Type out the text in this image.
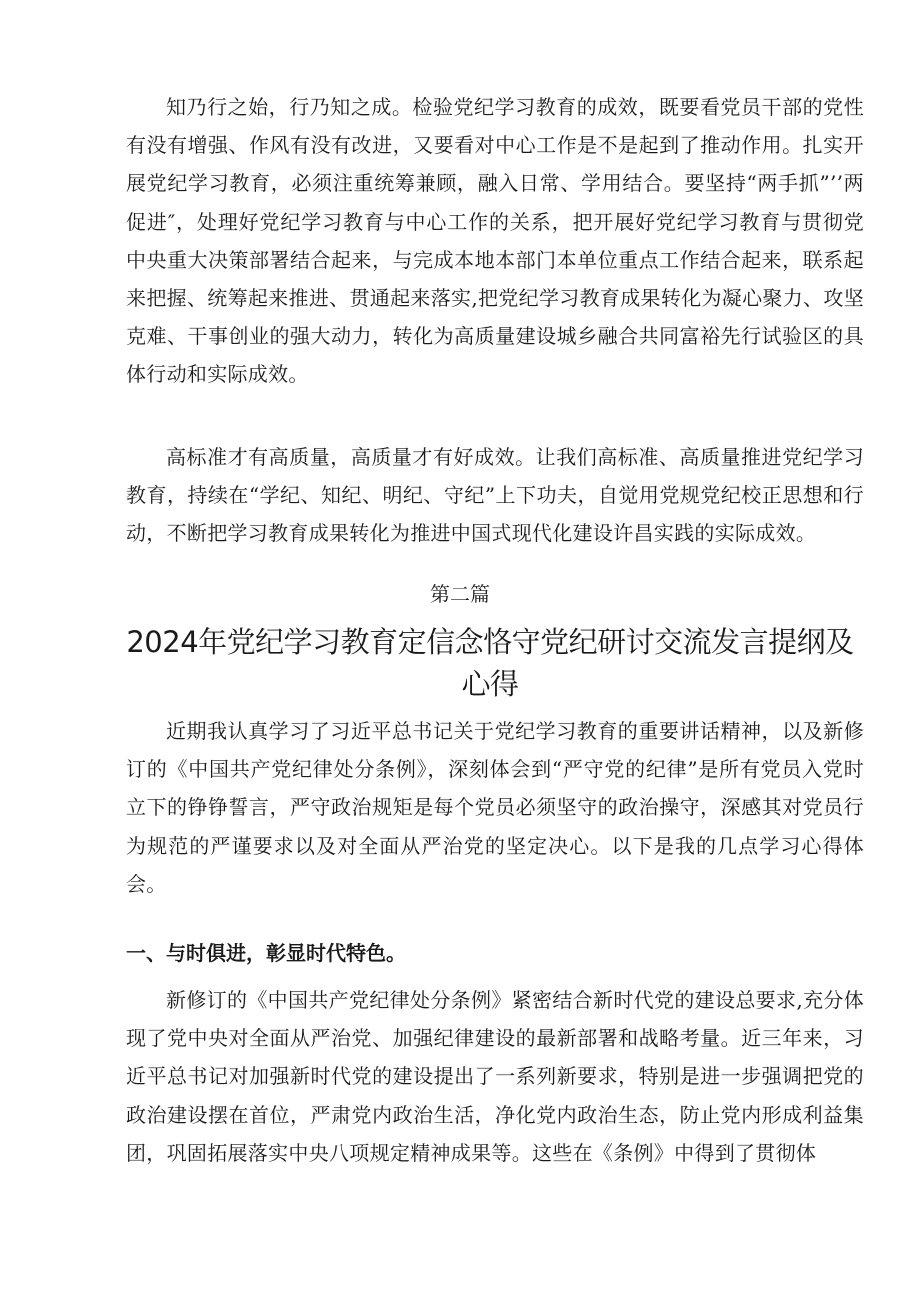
知乃行之始，行乃知之成。检验党纪学习教育的成效，既要看党员干部的党性有没有增强、作风有没有改进，又要看对中心工作是不是起到了推动作用。扎实开展党纪学习教育，必须注重统筹兼顾，融入日常、学用结合。要坚持“两手抓”’’两促进″，处理好党纪学习教育与中心工作的关系，把开展好党纪学习教育与贯彻党中央重大决策部署结合起来，与完成本地本部门本单位重点工作结合起来，联系起来把握、统筹起来推进、贯通起来落实,把党纪学习教育成果转化为凝心聚力、攻坚克难、干事创业的强大动力，转化为高质量建设城乡融合共同富裕先行试验区的具体行动和实际成效。

高标准才有高质量，高质量才有好成效。让我们高标准、高质量推进党纪学习教育，持续在“学纪、知纪、明纪、守纪”上下功夫，自觉用党规党纪校正思想和行动，不断把学习教育成果转化为推进中国式现代化建设许昌实践的实际成效。

第二篇

2024年党纪学习教育定信念恪守党纪研讨交流发言提纲及心得

近期我认真学习了习近平总书记关于党纪学习教育的重要讲话精神，以及新修订的《中国共产党纪律处分条例》，深刻体会到“严守党的纪律”是所有党员入党时立下的铮铮誓言，严守政治规矩是每个党员必须坚守的政治操守，深感其对党员行为规范的严谨要求以及对全面从严治党的坚定决心。以下是我的几点学习心得体会。

一、与时俱进，彰显时代特色。

新修订的《中国共产党纪律处分条例》紧密结合新时代党的建设总要求,充分体现了党中央对全面从严治党、加强纪律建设的最新部署和战略考量。近三年来，习近平总书记对加强新时代党的建设提出了一系列新要求，特别是进一步强调把党的政治建设摆在首位，严肃党内政治生活，净化党内政治生态，防止党内形成利益集团，巩固拓展落实中央八项规定精神成果等。这些在《条例》中得到了贯彻体
